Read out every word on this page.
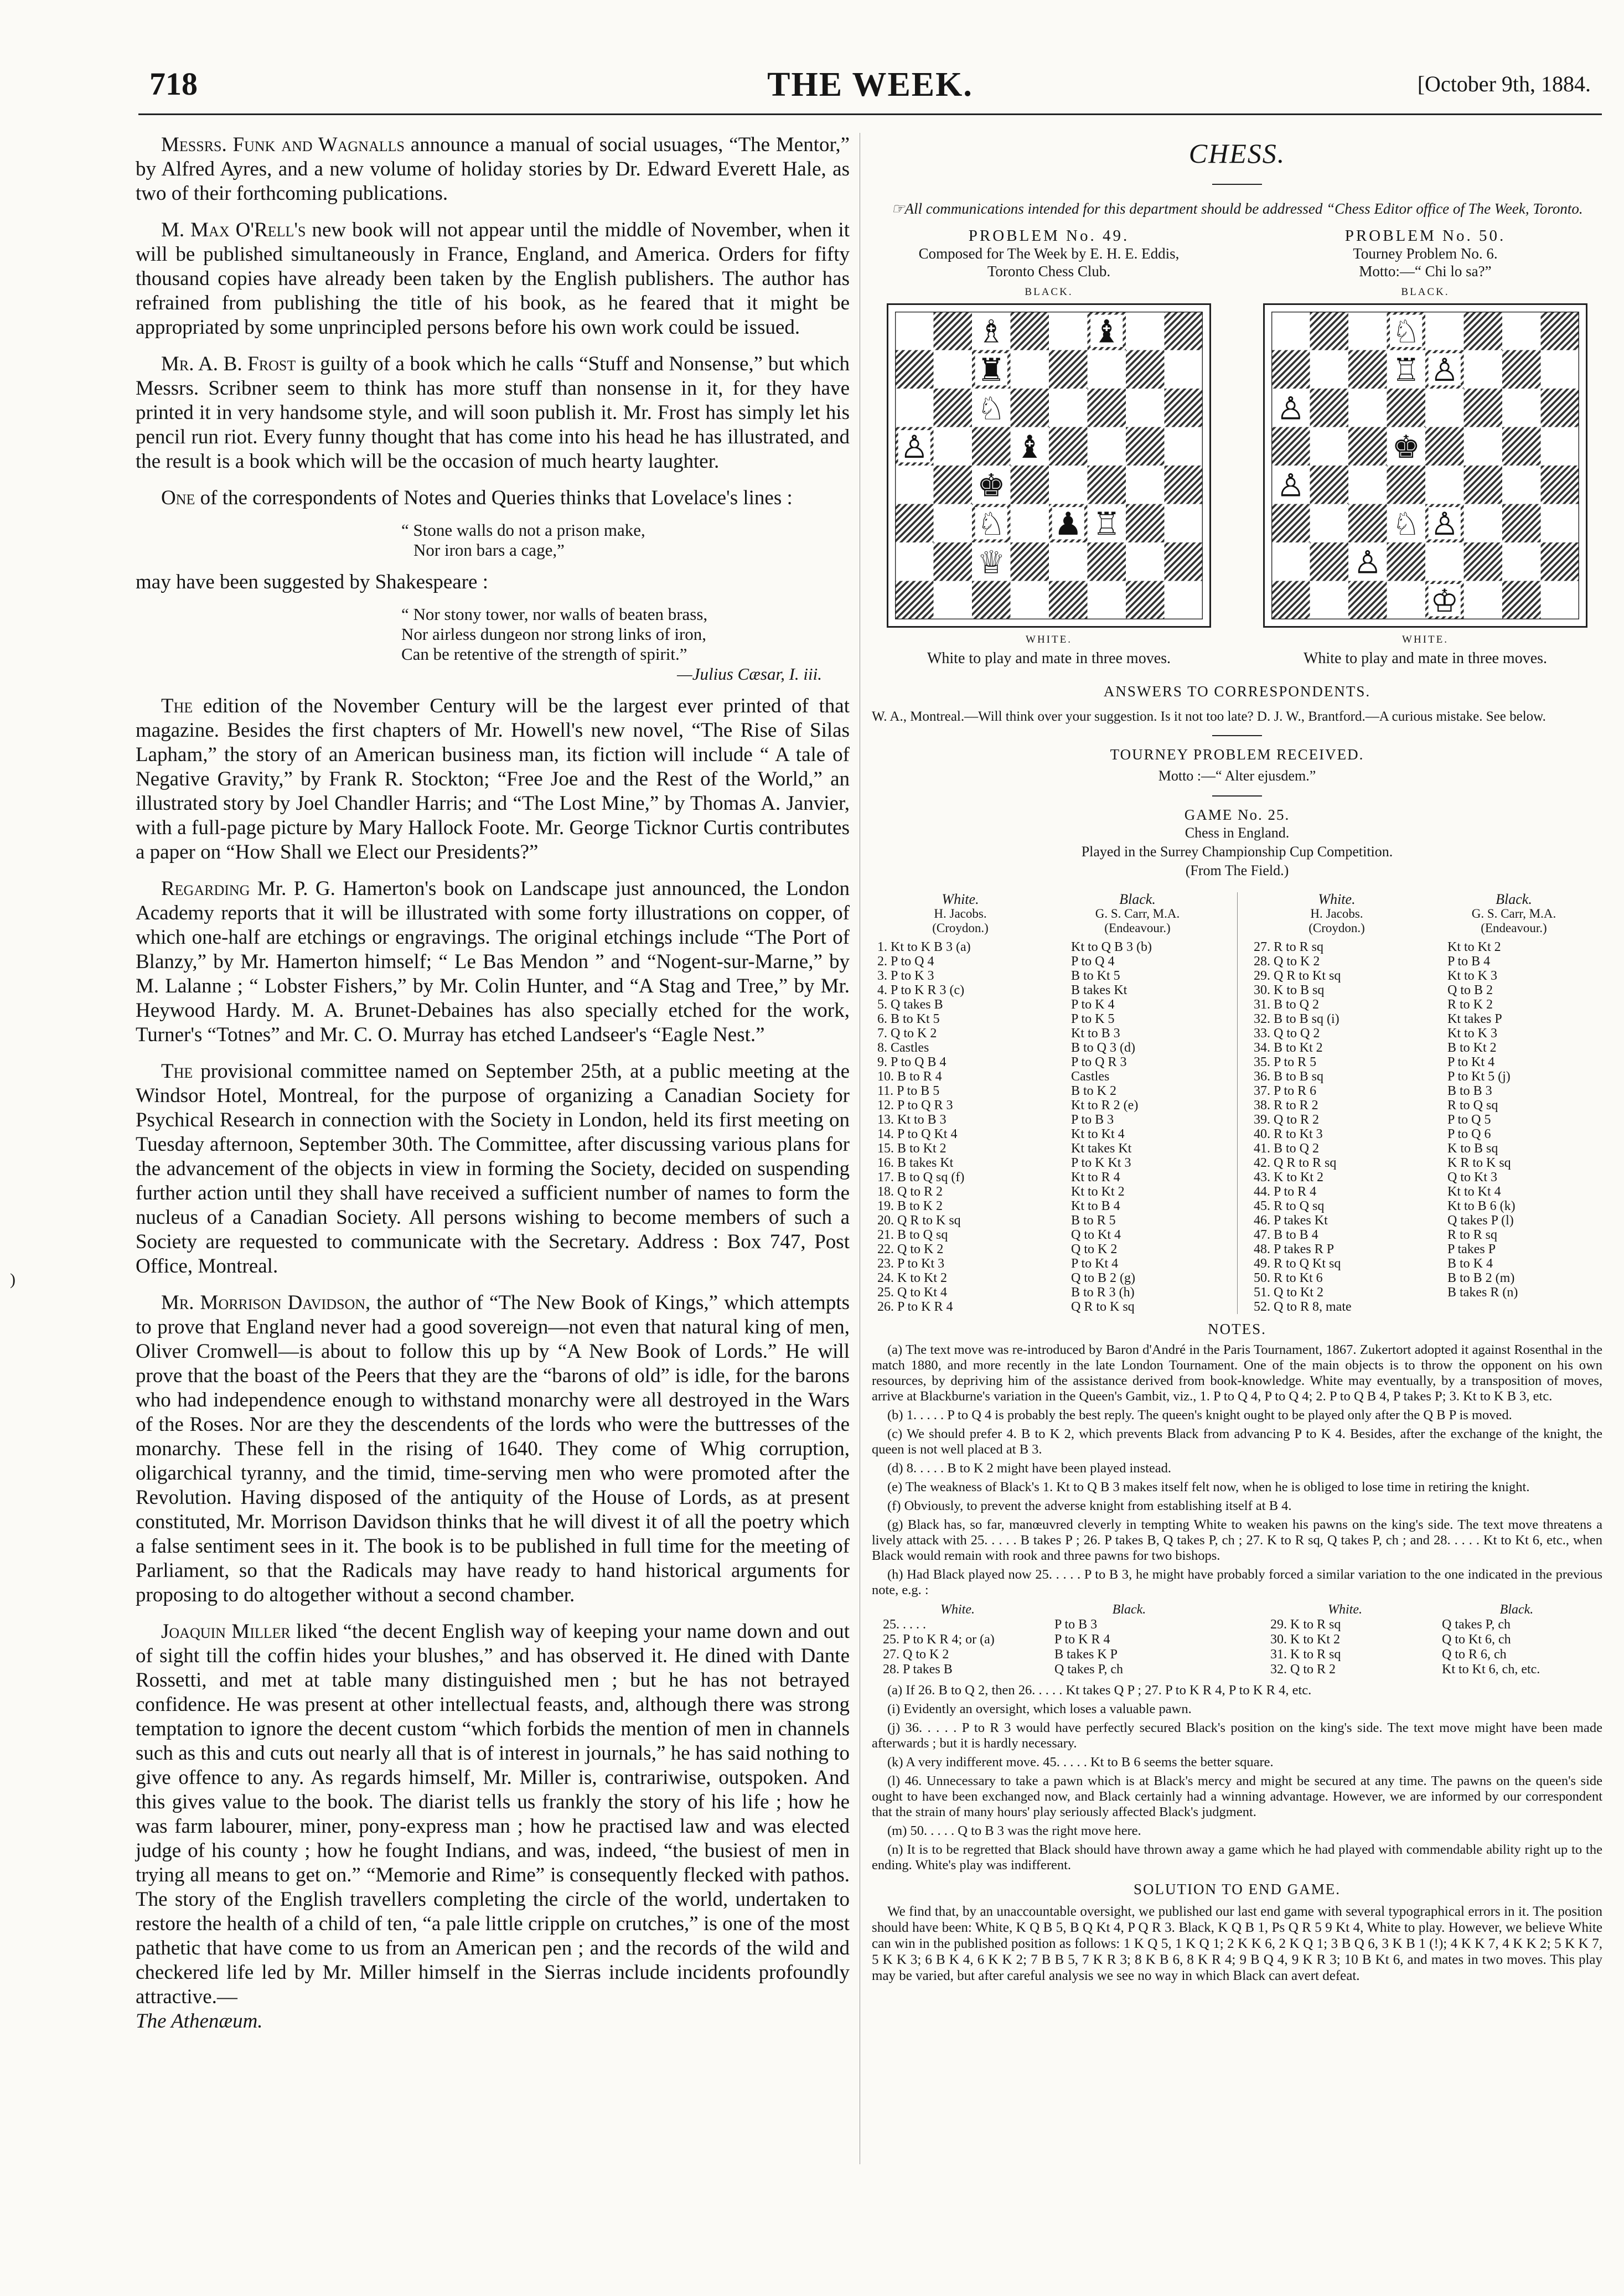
718	THE WEEK.	[October 9th, 1884.
)

Messrs. Funk and Wagnalls announce a manual of social usuages, “The Mentor,” by Alfred Ayres, and a new volume of holiday stories by Dr. Edward Everett Hale, as two of their forthcoming publications.

M. Max O'Rell's new book will not appear until the middle of November, when it will be published simultaneously in France, England, and America. Orders for fifty thousand copies have already been taken by the English publishers. The author has refrained from publishing the title of his book, as he feared that it might be appropriated by some unprincipled persons before his own work could be issued.

Mr. A. B. Frost is guilty of a book which he calls “Stuff and Nonsense,” but which Messrs. Scribner seem to think has more stuff than nonsense in it, for they have printed it in very handsome style, and will soon publish it. Mr. Frost has simply let his pencil run riot. Every funny thought that has come into his head he has illustrated, and the result is a book which will be the occasion of much hearty laughter.

One of the correspondents of Notes and Queries thinks that Lovelace's lines :

“ Stone walls do not a prison make,
Nor iron bars a cage,”

may have been suggested by Shakespeare :

“ Nor stony tower, nor walls of beaten brass,
Nor airless dungeon nor strong links of iron,
Can be retentive of the strength of spirit.”
—Julius Cæsar, I. iii.

The edition of the November Century will be the largest ever printed of that magazine. Besides the first chapters of Mr. Howell's new novel, “The Rise of Silas Lapham,” the story of an American business man, its fiction will include “ A tale of Negative Gravity,” by Frank R. Stockton; “Free Joe and the Rest of the World,” an illustrated story by Joel Chandler Harris; and “The Lost Mine,” by Thomas A. Janvier, with a full-page picture by Mary Hallock Foote. Mr. George Ticknor Curtis contributes a paper on “How Shall we Elect our Presidents?”

Regarding Mr. P. G. Hamerton's book on Landscape just announced, the London Academy reports that it will be illustrated with some forty illustrations on copper, of which one-half are etchings or engravings. The original etchings include “The Port of Blanzy,” by Mr. Hamerton himself; “ Le Bas Mendon ” and “Nogent-sur-Marne,” by M. Lalanne ; “ Lobster Fishers,” by Mr. Colin Hunter, and “A Stag and Tree,” by Mr. Heywood Hardy. M. A. Brunet-Debaines has also specially etched for the work, Turner's “Totnes” and Mr. C. O. Murray has etched Landseer's “Eagle Nest.”

The provisional committee named on September 25th, at a public meeting at the Windsor Hotel, Montreal, for the purpose of organizing a Canadian Society for Psychical Research in connection with the Society in London, held its first meeting on Tuesday afternoon, September 30th. The Committee, after discussing various plans for the advancement of the objects in view in forming the Society, decided on suspending further action until they shall have received a sufficient number of names to form the nucleus of a Canadian Society. All persons wishing to become members of such a Society are requested to communicate with the Secretary. Address : Box 747, Post Office, Montreal.

Mr. Morrison Davidson, the author of “The New Book of Kings,” which attempts to prove that England never had a good sovereign—not even that natural king of men, Oliver Cromwell—is about to follow this up by “A New Book of Lords.” He will prove that the boast of the Peers that they are the “barons of old” is idle, for the barons who had independence enough to withstand monarchy were all destroyed in the Wars of the Roses. Nor are they the descendents of the lords who were the buttresses of the monarchy. These fell in the rising of 1640. They come of Whig corruption, oligarchical tyranny, and the timid, time-serving men who were promoted after the Revolution. Having disposed of the antiquity of the House of Lords, as at present constituted, Mr. Morrison Davidson thinks that he will divest it of all the poetry which a false sentiment sees in it. The book is to be published in full time for the meeting of Parliament, so that the Radicals may have ready to hand historical arguments for proposing to do altogether without a second chamber.

Joaquin Miller liked “the decent English way of keeping your name down and out of sight till the coffin hides your blushes,” and has observed it. He dined with Dante Rossetti, and met at table many distinguished men ; but he has not betrayed confidence. He was present at other intellectual feasts, and, although there was strong temptation to ignore the decent custom “which forbids the mention of men in channels such as this and cuts out nearly all that is of interest in journals,” he has said nothing to give offence to any. As regards himself, Mr. Miller is, contrariwise, outspoken. And this gives value to the book. The diarist tells us frankly the story of his life ; how he was farm labourer, miner, pony-express man ; how he practised law and was elected judge of his county ; how he fought Indians, and was, indeed, “the busiest of men in trying all means to get on.” “Memorie and Rime” is consequently flecked with pathos. The story of the English travellers completing the circle of the world, undertaken to restore the health of a child of ten, “a pale little cripple on crutches,” is one of the most pathetic that have come to us from an American pen ; and the records of the wild and checkered life led by Mr. Miller himself in the Sierras include incidents profoundly attractive.—

The Athenæum.

CHESS.
☞All communications intended for this department should be addressed “Chess Editor office of The Week, Toronto.
PROBLEM No. 49.
Composed for The Week by E. H. E. Eddis,
Toronto Chess Club.
BLACK.
WHITE.
White to play and mate in three moves.
PROBLEM No. 50.
Tourney Problem No. 6.
Motto:—“ Chi lo sa?”
BLACK.
WHITE.
White to play and mate in three moves.
ANSWERS TO CORRESPONDENTS.

W. A., Montreal.—Will think over your suggestion. Is it not too late? D. J. W., Brantford.—A curious mistake. See below.

TOURNEY PROBLEM RECEIVED.
Motto :—“ Alter ejusdem.”
GAME No. 25.
Chess in England.
Played in the Surrey Championship Cup Competition.
(From The Field.)
White.	Black.
H. Jacobs.	G. S. Carr, M.A.
(Croydon.)	(Endeavour.)
1. Kt to K B 3 (a)	Kt to Q B 3 (b)
2. P to Q 4	P to Q 4
3. P to K 3	B to Kt 5
4. P to K R 3 (c)	B takes Kt
5. Q takes B	P to K 4
6. B to Kt 5	P to K 5
7. Q to K 2	Kt to B 3
8. Castles	B to Q 3 (d)
9. P to Q B 4	P to Q R 3
10. B to R 4	Castles
11. P to B 5	B to K 2
12. P to Q R 3	Kt to R 2 (e)
13. Kt to B 3	P to B 3
14. P to Q Kt 4	Kt to Kt 4
15. B to Kt 2	Kt takes Kt
16. B takes Kt	P to K Kt 3
17. B to Q sq (f)	Kt to R 4
18. Q to R 2	Kt to Kt 2
19. B to K 2	Kt to B 4
20. Q R to K sq	B to R 5
21. B to Q sq	Q to Kt 4
22. Q to K 2	Q to K 2
23. P to Kt 3	P to Kt 4
24. K to Kt 2	Q to B 2 (g)
25. Q to Kt 4	B to R 3 (h)
26. P to K R 4	Q R to K sq
White.	Black.
H. Jacobs.	G. S. Carr, M.A.
(Croydon.)	(Endeavour.)
27. R to R sq	Kt to Kt 2
28. Q to K 2	P to B 4
29. Q R to Kt sq	Kt to K 3
30. K to B sq	Q to B 2
31. B to Q 2	R to K 2
32. B to B sq (i)	Kt takes P
33. Q to Q 2	Kt to K 3
34. B to Kt 2	B to Kt 2
35. P to R 5	P to Kt 4
36. B to B sq	P to Kt 5 (j)
37. P to R 6	B to B 3
38. R to R 2	R to Q sq
39. Q to R 2	P to Q 5
40. R to Kt 3	P to Q 6
41. B to Q 2	K to B sq
42. Q R to R sq	K R to K sq
43. K to Kt 2	Q to Kt 3
44. P to R 4	Kt to Kt 4
45. R to Q sq	Kt to B 6 (k)
46. P takes Kt	Q takes P (l)
47. B to B 4	R to R sq
48. P takes R P	P takes P
49. R to Q Kt sq	B to K 4
50. R to Kt 6	B to B 2 (m)
51. Q to Kt 2	B takes R (n)
52. Q to R 8, mate
NOTES.

(a) The text move was re-introduced by Baron d'André in the Paris Tournament, 1867. Zukertort adopted it against Rosenthal in the match 1880, and more recently in the late London Tournament. One of the main objects is to throw the opponent on his own resources, by depriving him of the assistance derived from book-knowledge. White may eventually, by a transposition of moves, arrive at Blackburne's variation in the Queen's Gambit, viz., 1. P to Q 4, P to Q 4; 2. P to Q B 4, P takes P; 3. Kt to K B 3, etc.

(b) 1. . . . . P to Q 4 is probably the best reply. The queen's knight ought to be played only after the Q B P is moved.

(c) We should prefer 4. B to K 2, which prevents Black from advancing P to K 4. Besides, after the exchange of the knight, the queen is not well placed at B 3.

(d) 8. . . . . B to K 2 might have been played instead.

(e) The weakness of Black's 1. Kt to Q B 3 makes itself felt now, when he is obliged to lose time in retiring the knight.

(f) Obviously, to prevent the adverse knight from establishing itself at B 4.

(g) Black has, so far, manœuvred cleverly in tempting White to weaken his pawns on the king's side. The text move threatens a lively attack with 25. . . . . B takes P ; 26. P takes B, Q takes P, ch ; 27. K to R sq, Q takes P, ch ; and 28. . . . . Kt to Kt 6, etc., when Black would remain with rook and three pawns for two bishops.

(h) Had Black played now 25. . . . . P to B 3, he might have probably forced a similar variation to the one indicated in the previous note, e.g. :

White.	Black.
25. . . . .	P to B 3
25. P to K R 4; or (a)	P to K R 4
27. Q to K 2	B takes K P
28. P takes B	Q takes P, ch
White.	Black.
29. K to R sq	Q takes P, ch
30. K to Kt 2	Q to Kt 6, ch
31. K to R sq	Q to R 6, ch
32. Q to R 2	Kt to Kt 6, ch, etc.

(a) If 26. B to Q 2, then 26. . . . . Kt takes Q P ; 27. P to K R 4, P to K R 4, etc.

(i) Evidently an oversight, which loses a valuable pawn.

(j) 36. . . . . P to R 3 would have perfectly secured Black's position on the king's side. The text move might have been made afterwards ; but it is hardly necessary.

(k) A very indifferent move. 45. . . . . Kt to B 6 seems the better square.

(l) 46. Unnecessary to take a pawn which is at Black's mercy and might be secured at any time. The pawns on the queen's side ought to have been exchanged now, and Black certainly had a winning advantage. However, we are informed by our correspondent that the strain of many hours' play seriously affected Black's judgment.

(m) 50. . . . . Q to B 3 was the right move here.

(n) It is to be regretted that Black should have thrown away a game which he had played with commendable ability right up to the ending. White's play was indifferent.

SOLUTION TO END GAME.

We find that, by an unaccountable oversight, we published our last end game with several typographical errors in it. The position should have been: White, K Q B 5, B Q Kt 4, P Q R 3. Black, K Q B 1, Ps Q R 5 9 Kt 4, White to play. However, we believe White can win in the published position as follows: 1 K Q 5, 1 K Q 1; 2 K K 6, 2 K Q 1; 3 B Q 6, 3 K B 1 (!); 4 K K 7, 4 K K 2; 5 K K 7, 5 K K 3; 6 B K 4, 6 K K 2; 7 B B 5, 7 K R 3; 8 K B 6, 8 K R 4; 9 B Q 4, 9 K R 3; 10 B Kt 6, and mates in two moves. This play may be varied, but after careful analysis we see no way in which Black can avert defeat.
